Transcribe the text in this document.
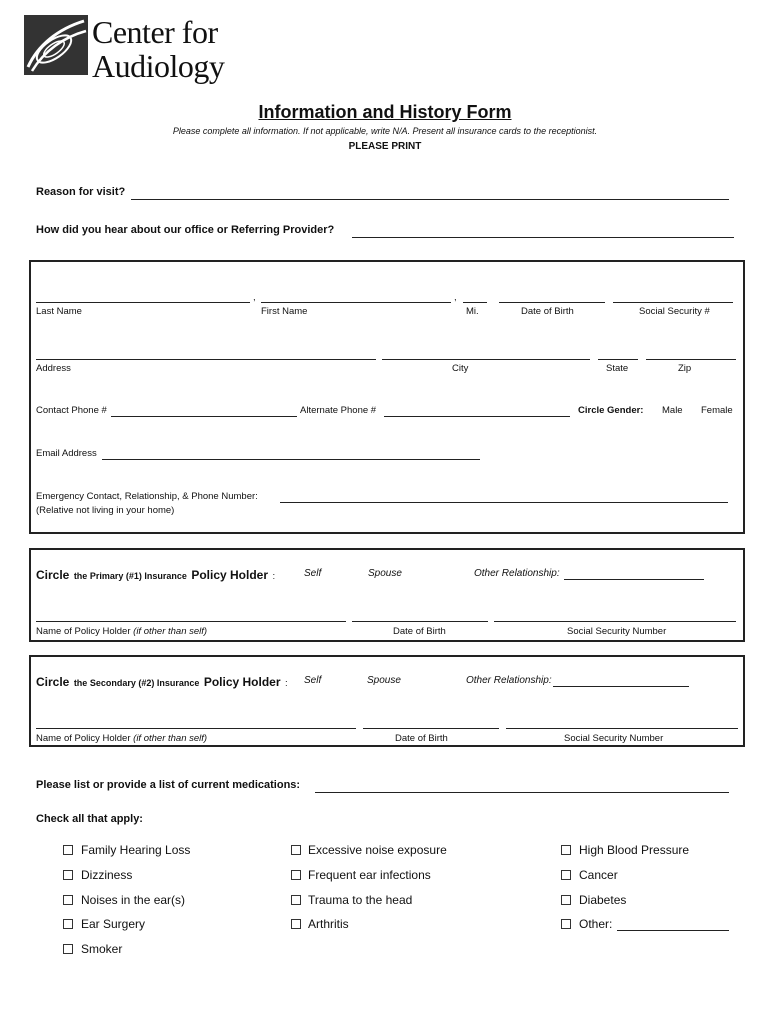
Center for
Audiology
Information and History Form
Please complete all information. If not applicable, write N/A. Present all insurance cards to the receptionist.
PLEASE PRINT
Reason for visit?
How did you hear about our office or Referring Provider?
,	,
Last Name	First Name	Mi.	Date of Birth	Social Security #
Address	City	State	Zip
Contact Phone #	Alternate Phone #	Circle Gender: Male Female
Email Address
Emergency Contact, Relationship, & Phone Number:
(Relative not living in your home)
Circle the Primary (#1) Insurance Policy Holder :	Self	Spouse	Other Relationship:
Name of Policy Holder (if other than self)	Date of Birth	Social Security Number
Circle the Secondary (#2) Insurance Policy Holder : Self	Spouse	Other Relationship:
Name of Policy Holder (if other than self)	Date of Birth	Social Security Number
Please list or provide a list of current medications:
Check all that apply:
Family Hearing Loss
Dizziness
Noises in the ear(s)
Ear Surgery
Smoker
Excessive noise exposure
Frequent ear infections
Trauma to the head
Arthritis
High Blood Pressure
Cancer
Diabetes
Other:
